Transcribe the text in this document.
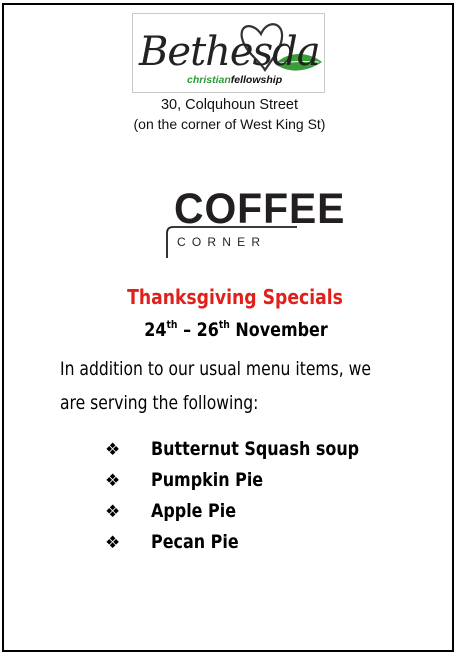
Bethesda
christianfellowship
30, Colquhoun Street
(on the corner of West King St)
COFFEE
CORNER
Thanksgiving Specials
24th – 26th November
In addition to our usual menu items, we
are serving the following:
❖ Butternut Squash soup
❖ Pumpkin Pie
❖ Apple Pie
❖ Pecan Pie
